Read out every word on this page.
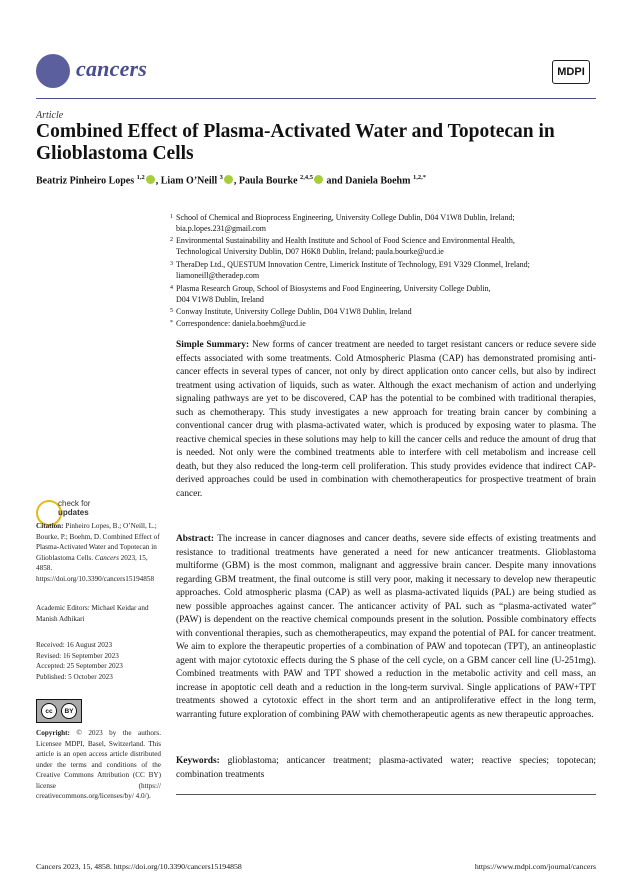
cancers	MDPI
Article
Combined Effect of Plasma-Activated Water and Topotecan in Glioblastoma Cells
Beatriz Pinheiro Lopes $^{1,2}$ , Liam O’Neill $^3$ , Paula Bourke $^{2,4,5}$ and Daniela Boehm $^{1,2,*}$
1 School of Chemical and Bioprocess Engineering, University College Dublin, D04 V1W8 Dublin, Ireland;
bia.p.lopes.231@gmail.com
2 Environmental Sustainability and Health Institute and School of Food Science and Environmental Health,
Technological University Dublin, D07 H6K8 Dublin, Ireland; paula.bourke@ucd.ie
3 TheraDep Ltd., QUESTUM Innovation Centre, Limerick Institute of Technology, E91 V329 Clonmel, Ireland;
liamoneill@theradep.com
4 Plasma Research Group, School of Biosystems and Food Engineering, University College Dublin,
D04 V1W8 Dublin, Ireland
5 Conway Institute, University College Dublin, D04 V1W8 Dublin, Ireland
* Correspondence: daniela.boehm@ucd.ie
Simple Summary: New forms of cancer treatment are needed to target resistant cancers or reduce severe side effects associated with some treatments. Cold Atmospheric Plasma (CAP) has demonstrated promising anti-cancer effects in several types of cancer, not only by direct application onto cancer cells, but also by indirect treatment using activation of liquids, such as water. Although the exact mechanism of action and underlying signaling pathways are yet to be discovered, CAP has the potential to be combined with traditional therapies, such as chemotherapy. This study investigates a new approach for treating brain cancer by combining a conventional cancer drug with plasma-activated water, which is produced by exposing water to plasma. The reactive chemical species in these solutions may help to kill the cancer cells and reduce the amount of drug that is needed. Not only were the combined treatments able to interfere with cell metabolism and increase cell death, but they also reduced the long-term cell proliferation. This study provides evidence that indirect CAP-derived approaches could be used in combination with chemotherapeutics for prospective treatment of brain cancer.
Abstract: The increase in cancer diagnoses and cancer deaths, severe side effects of existing treatments and resistance to traditional treatments have generated a need for new anticancer treatments. Glioblastoma multiforme (GBM) is the most common, malignant and aggressive brain cancer. Despite many innovations regarding GBM treatment, the final outcome is still very poor, making it necessary to develop new therapeutic approaches. Cold atmospheric plasma (CAP) as well as plasma-activated liquids (PAL) are being studied as new possible approaches against cancer. The anticancer activity of PAL such as “plasma-activated water” (PAW) is dependent on the reactive chemical compounds present in the solution. Possible combinatory effects with conventional therapies, such as chemotherapeutics, may expand the potential of PAL for cancer treatment. We aim to explore the therapeutic properties of a combination of PAW and topotecan (TPT), an antineoplastic agent with major cytotoxic effects during the S phase of the cell cycle, on a GBM cancer cell line (U-251mg). Combined treatments with PAW and TPT showed a reduction in the metabolic activity and cell mass, an increase in apoptotic cell death and a reduction in the long-term survival. Single applications of PAW+TPT treatments showed a cytotoxic effect in the short term and an antiproliferative effect in the long term, warranting future exploration of combining PAW with chemotherapeutic agents as new therapeutic approaches.
Keywords: glioblastoma; anticancer treatment; plasma-activated water; reactive species; topotecan; combination treatments
check for
updates
Citation: Pinheiro Lopes, B.; O’Neill, L.; Bourke, P.; Boehm, D. Combined Effect of Plasma-Activated Water and Topotecan in Glioblastoma Cells. Cancers 2023, 15, 4858. https://doi.org/10.3390/cancers15194858
Academic Editors: Michael Keidar and Manish Adhikari
Received: 16 August 2023
Revised: 16 September 2023
Accepted: 25 September 2023
Published: 5 October 2023
cc	BY
Copyright: © 2023 by the authors. Licensee MDPI, Basel, Switzerland. This article is an open access article distributed under the terms and conditions of the Creative Commons Attribution (CC BY) license (https:// creativecommons.org/licenses/by/ 4.0/).
Cancers 2023, 15, 4858. https://doi.org/10.3390/cancers15194858	https://www.mdpi.com/journal/cancers
